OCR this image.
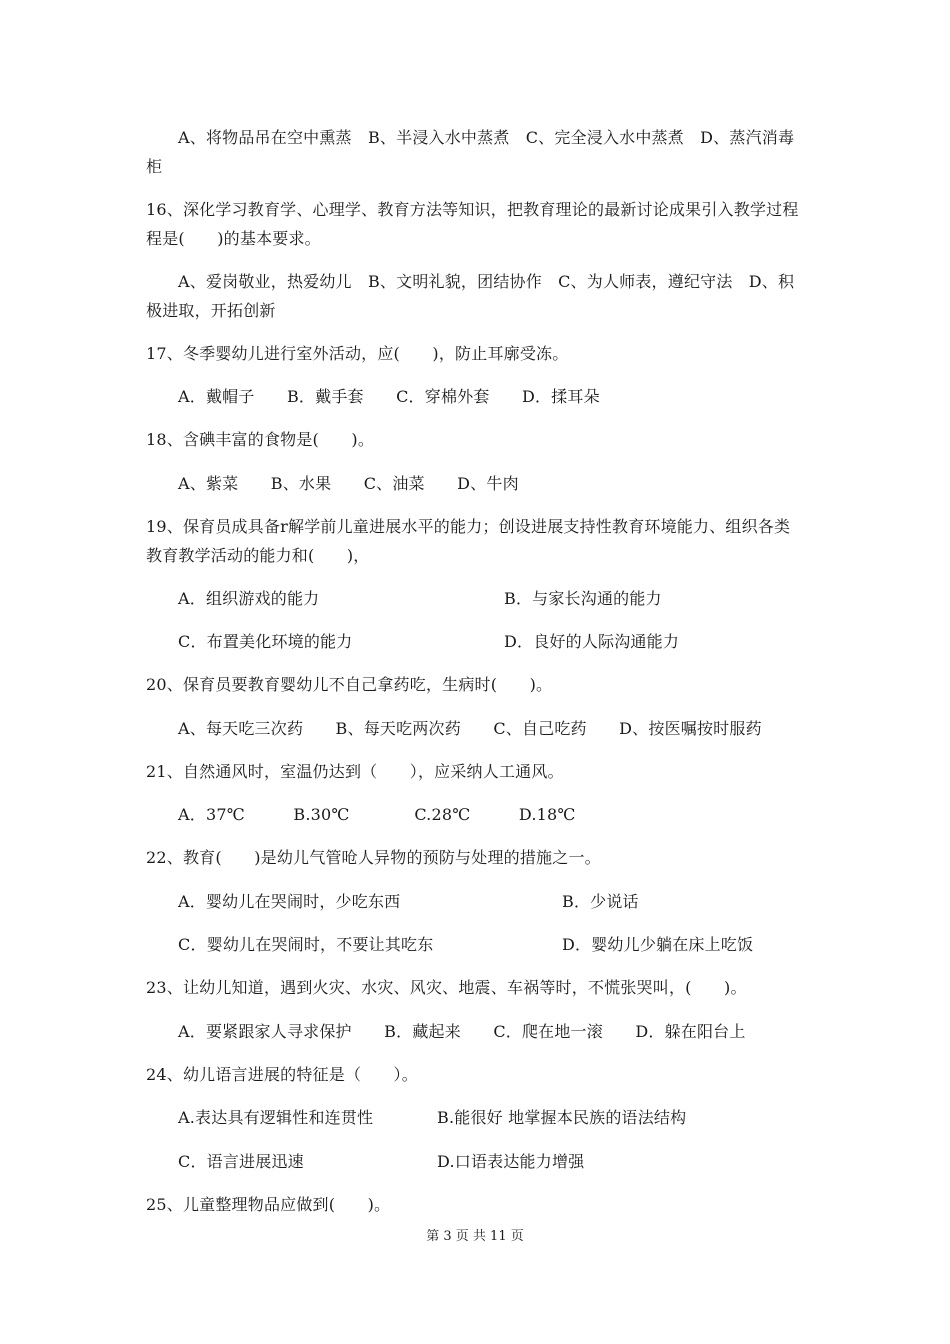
A、将物品吊在空中熏蒸　B、半浸入水中蒸煮　C、完全浸入水中蒸煮　D、蒸汽消毒
柜
16、深化学习教育学、心理学、教育方法等知识，把教育理论的最新讨论成果引入教学过程
程是(　　)的基本要求。
A、爱岗敬业，热爱幼儿　B、文明礼貌，团结协作　C、为人师表，遵纪守法　D、积
极进取，开拓创新
17、冬季婴幼儿进行室外活动，应(　　)，防止耳廓受冻。
A．戴帽子　　B．戴手套　　C．穿棉外套　　D．揉耳朵
18、含碘丰富的食物是(　　)。
A、紫菜　　B、水果　　C、油菜　　D、牛肉
19、保育员成具备r解学前儿童进展水平的能力；创设进展支持性教育环境能力、组织各类
教育教学活动的能力和(　　)，
A．组织游戏的能力	B．与家长沟通的能力
C．布置美化环境的能力	D．良好的人际沟通能力
20、保育员要教育婴幼儿不自己拿药吃，生病时(　　)。
A、每天吃三次药　　B、每天吃两次药　　C、自己吃药　　D、按医嘱按时服药
21、自然通风时，室温仍达到（　　），应采纳人工通风。
A．37℃　　　B.30℃　　　　C.28℃　　　D.18℃
22、教育(　　)是幼儿气管呛人异物的预防与处理的措施之一。
A．婴幼儿在哭闹时，少吃东西	B．少说话
C．婴幼儿在哭闹时，不要让其吃东	D．婴幼儿少躺在床上吃饭
23、让幼儿知道，遇到火灾、水灾、风灾、地震、车祸等时，不慌张哭叫，(　　)。
A．要紧跟家人寻求保护　　B．藏起来　　C．爬在地一滚　　D．躲在阳台上
24、幼儿语言进展的特征是（　　）。
A.表达具有逻辑性和连贯性	B.能很好 地掌握本民族的语法结构
C．语言进展迅速	D.口语表达能力增强
25、儿童整理物品应做到(　　)。
第 3 页 共 11 页
